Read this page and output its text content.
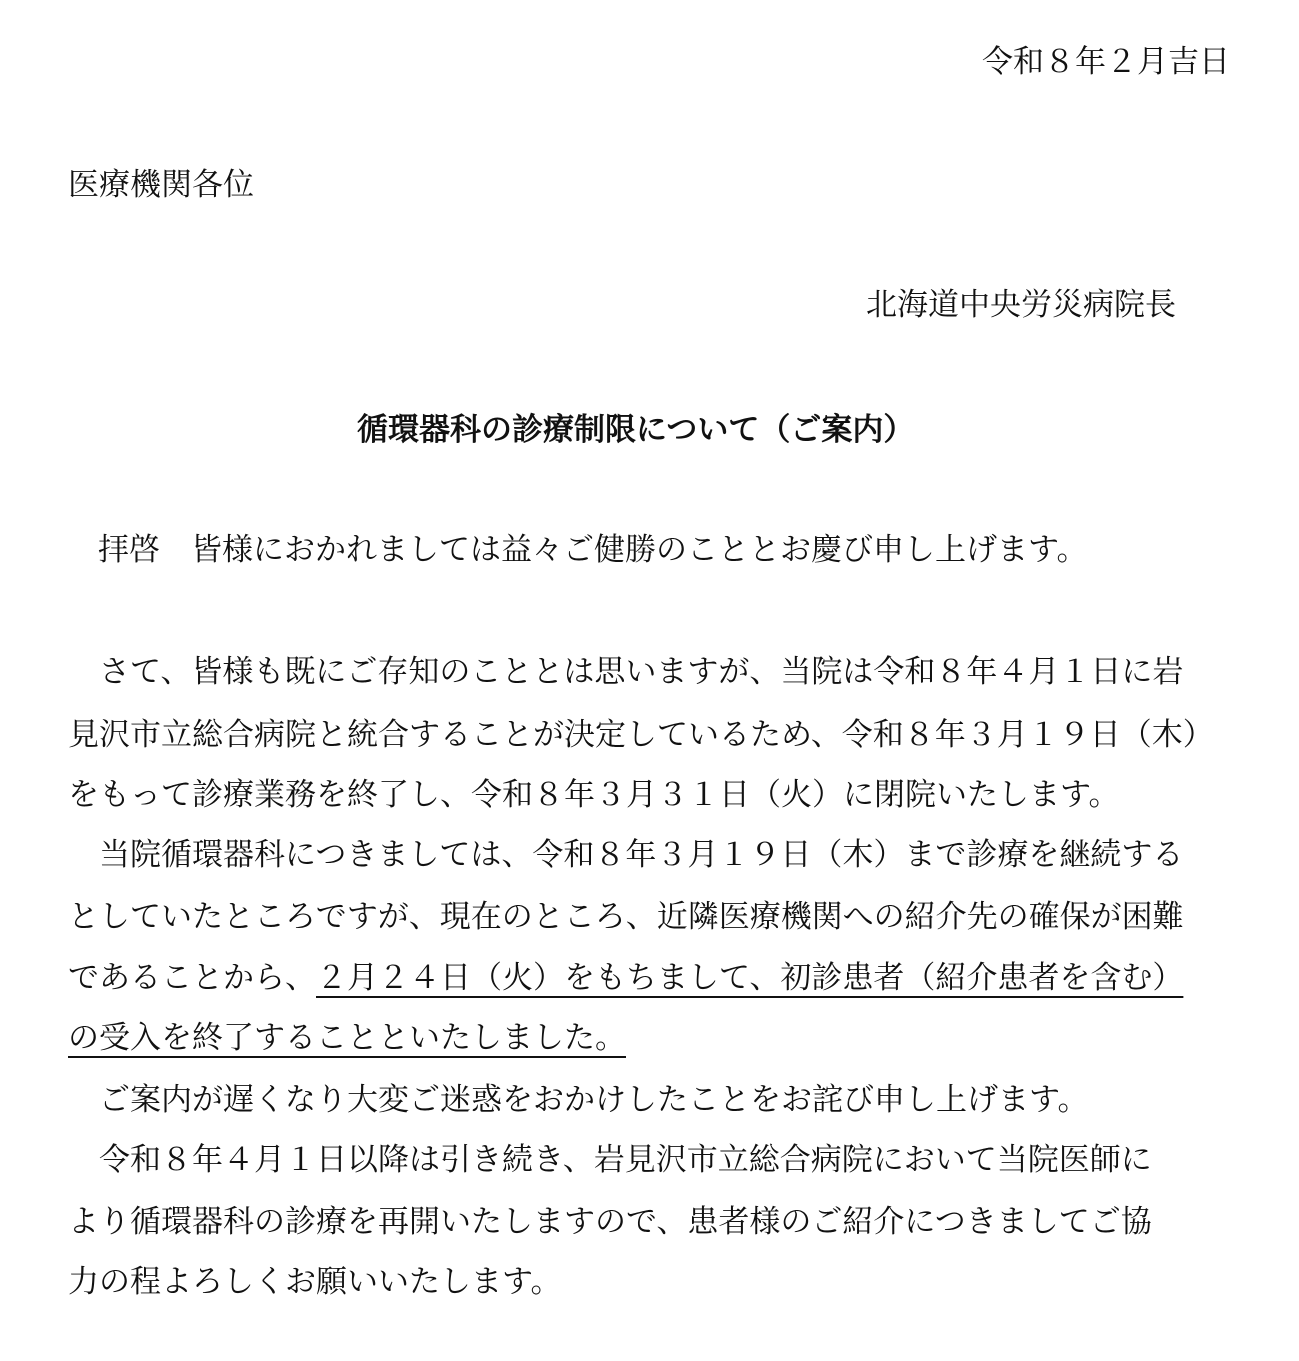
令和８年２月吉日
医療機関各位
北海道中央労災病院長
循環器科の診療制限について（ご案内）
拝啓　皆様におかれましては益々ご健勝のこととお慶び申し上げます。
　さて、皆様も既にご存知のこととは思いますが、当院は令和８年４月１日に岩
見沢市立総合病院と統合することが決定しているため、令和８年３月１９日（木）
をもって診療業務を終了し、令和８年３月３１日（火）に閉院いたします。
　当院循環器科につきましては、令和８年３月１９日（木）まで診療を継続する
としていたところですが、現在のところ、近隣医療機関への紹介先の確保が困難
であることから、２月２４日（火）をもちまして、初診患者（紹介患者を含む）
の受入を終了することといたしました。
　ご案内が遅くなり大変ご迷惑をおかけしたことをお詫び申し上げます。
　令和８年４月１日以降は引き続き、岩見沢市立総合病院において当院医師に
より循環器科の診療を再開いたしますので、患者様のご紹介につきましてご協
力の程よろしくお願いいたします。
